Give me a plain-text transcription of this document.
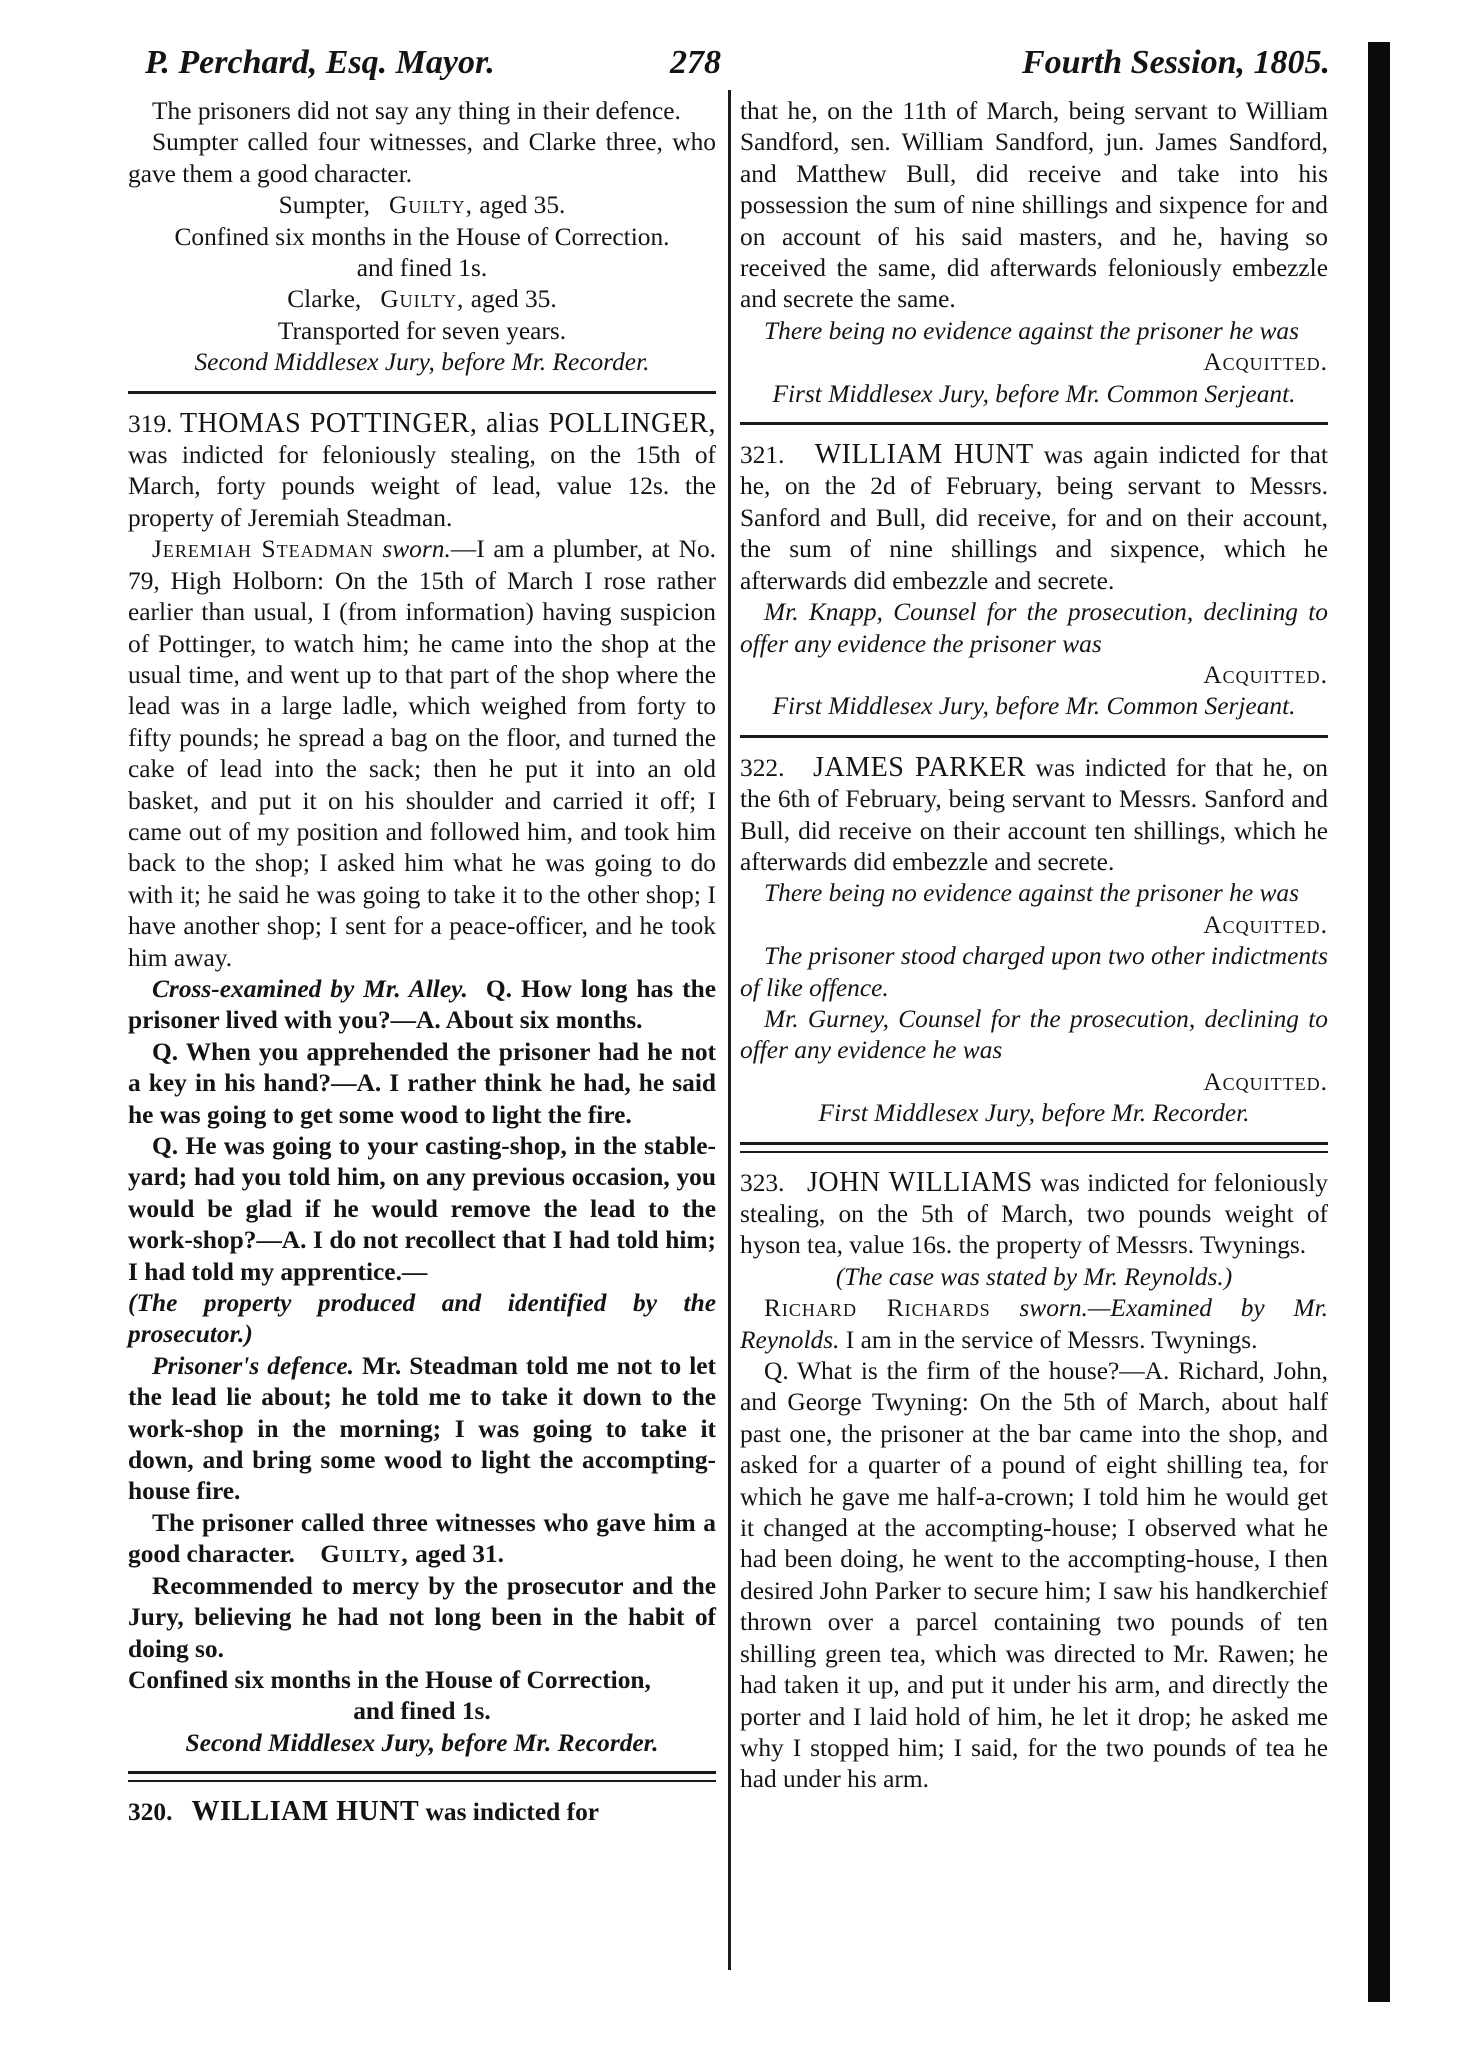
P. Perchard, Esq. Mayor.	278	Fourth Session, 1805.

The prisoners did not say any thing in their defence.

Sumpter called four witnesses, and Clarke three, who gave them a good character.

Sumpter, Guilty, aged 35.

Confined six months in the House of Correction.

and fined 1s.

Clarke, Guilty, aged 35.

Transported for seven years.

Second Middlesex Jury, before Mr. Recorder.

319. THOMAS POTTINGER, alias POLLINGER, was indicted for feloniously stealing, on the 15th of March, forty pounds weight of lead, value 12s. the property of Jeremiah Steadman.

Jeremiah Steadman sworn.—I am a plumber, at No. 79, High Holborn: On the 15th of March I rose rather earlier than usual, I (from information) having suspicion of Pottinger, to watch him; he came into the shop at the usual time, and went up to that part of the shop where the lead was in a large ladle, which weighed from forty to fifty pounds; he spread a bag on the floor, and turned the cake of lead into the sack; then he put it into an old basket, and put it on his shoulder and carried it off; I came out of my position and followed him, and took him back to the shop; I asked him what he was going to do with it; he said he was going to take it to the other shop; I have another shop; I sent for a peace-officer, and he took him away.

Cross-examined by Mr. Alley. Q. How long has the prisoner lived with you?—A. About six months.

Q. When you apprehended the prisoner had he not a key in his hand?—A. I rather think he had, he said he was going to get some wood to light the fire.

Q. He was going to your casting-shop, in the stable-yard; had you told him, on any previous occasion, you would be glad if he would remove the lead to the work-shop?—A. I do not recollect that I had told him; I had told my apprentice.—

(The property produced and identified by the prosecutor.)

Prisoner's defence. Mr. Steadman told me not to let the lead lie about; he told me to take it down to the work-shop in the morning; I was going to take it down, and bring some wood to light the accompting-house fire.

The prisoner called three witnesses who gave him a good character. Guilty, aged 31.

Recommended to mercy by the prosecutor and the Jury, believing he had not long been in the habit of doing so.

Confined six months in the House of Correction,

and fined 1s.

Second Middlesex Jury, before Mr. Recorder.

320. WILLIAM HUNT was indicted for

that he, on the 11th of March, being servant to William Sandford, sen. William Sandford, jun. James Sandford, and Matthew Bull, did receive and take into his possession the sum of nine shillings and sixpence for and on account of his said masters, and he, having so received the same, did afterwards feloniously embezzle and secrete the same.

There being no evidence against the prisoner he was

Acquitted.

First Middlesex Jury, before Mr. Common Serjeant.

321. WILLIAM HUNT was again indicted for that he, on the 2d of February, being servant to Messrs. Sanford and Bull, did receive, for and on their account, the sum of nine shillings and sixpence, which he afterwards did embezzle and secrete.

Mr. Knapp, Counsel for the prosecution, declining to offer any evidence the prisoner was

Acquitted.

First Middlesex Jury, before Mr. Common Serjeant.

322. JAMES PARKER was indicted for that he, on the 6th of February, being servant to Messrs. Sanford and Bull, did receive on their account ten shillings, which he afterwards did embezzle and secrete.

There being no evidence against the prisoner he was

Acquitted.

The prisoner stood charged upon two other indictments of like offence.

Mr. Gurney, Counsel for the prosecution, declining to offer any evidence he was

Acquitted.

First Middlesex Jury, before Mr. Recorder.

323. JOHN WILLIAMS was indicted for feloniously stealing, on the 5th of March, two pounds weight of hyson tea, value 16s. the property of Messrs. Twynings.

(The case was stated by Mr. Reynolds.)

Richard Richards sworn.—Examined by Mr. Reynolds. I am in the service of Messrs. Twynings.

Q. What is the firm of the house?—A. Richard, John, and George Twyning: On the 5th of March, about half past one, the prisoner at the bar came into the shop, and asked for a quarter of a pound of eight shilling tea, for which he gave me half-a-crown; I told him he would get it changed at the accompting-house; I observed what he had been doing, he went to the accompting-house, I then desired John Parker to secure him; I saw his handkerchief thrown over a parcel containing two pounds of ten shilling green tea, which was directed to Mr. Rawen; he had taken it up, and put it under his arm, and directly the porter and I laid hold of him, he let it drop; he asked me why I stopped him; I said, for the two pounds of tea he had under his arm.
